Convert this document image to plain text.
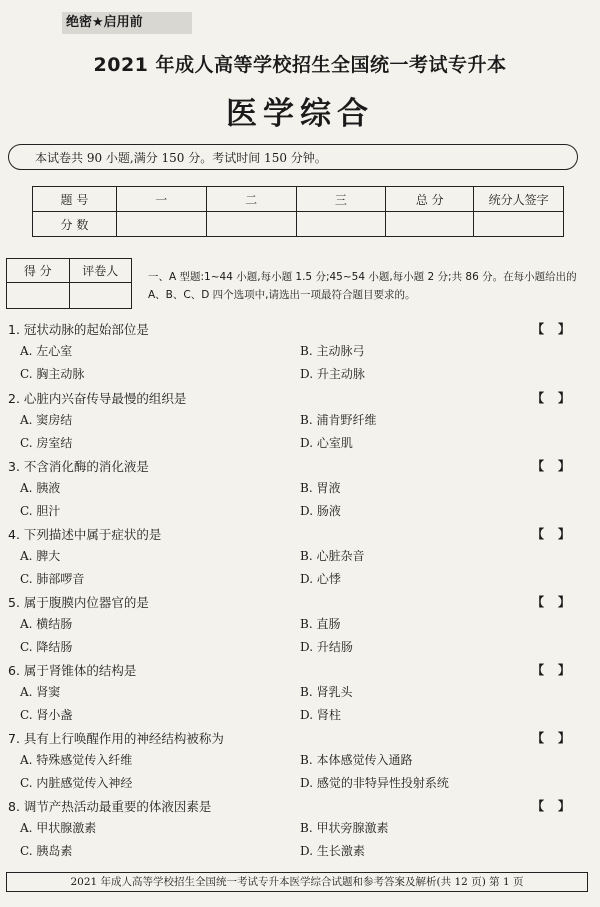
绝密★启用前
2021 年成人高等学校招生全国统一考试专升本
医学综合
本试卷共 90 小题,满分 150 分。考试时间 150 分钟。
题 号	一	二	三	总 分	统分人签字
分 数					
得 分	评卷人
		一、A 型题:1~44 小题,每小题 1.5 分;45~54 小题,每小题 2 分;共 86 分。在每小题给出的 A、B、C、D 四个选项中,请选出一项最符合题目要求的。
1. 冠状动脉的起始部位是	【】
A. 左心室	B. 主动脉弓
C. 胸主动脉	D. 升主动脉
2. 心脏内兴奋传导最慢的组织是	【】
A. 窦房结	B. 浦肯野纤维
C. 房室结	D. 心室肌
3. 不含消化酶的消化液是	【】
A. 胰液	B. 胃液
C. 胆汁	D. 肠液
4. 下列描述中属于症状的是	【】
A. 脾大	B. 心脏杂音
C. 肺部啰音	D. 心悸
5. 属于腹膜内位器官的是	【】
A. 横结肠	B. 直肠
C. 降结肠	D. 升结肠
6. 属于肾锥体的结构是	【】
A. 肾窦	B. 肾乳头
C. 肾小盏	D. 肾柱
7. 具有上行唤醒作用的神经结构被称为	【】
A. 特殊感觉传入纤维	B. 本体感觉传入通路
C. 内脏感觉传入神经	D. 感觉的非特异性投射系统
8. 调节产热活动最重要的体液因素是	【】
A. 甲状腺激素	B. 甲状旁腺激素
C. 胰岛素	D. 生长激素
2021 年成人高等学校招生全国统一考试专升本医学综合试题和参考答案及解析(共 12 页) 第 1 页
